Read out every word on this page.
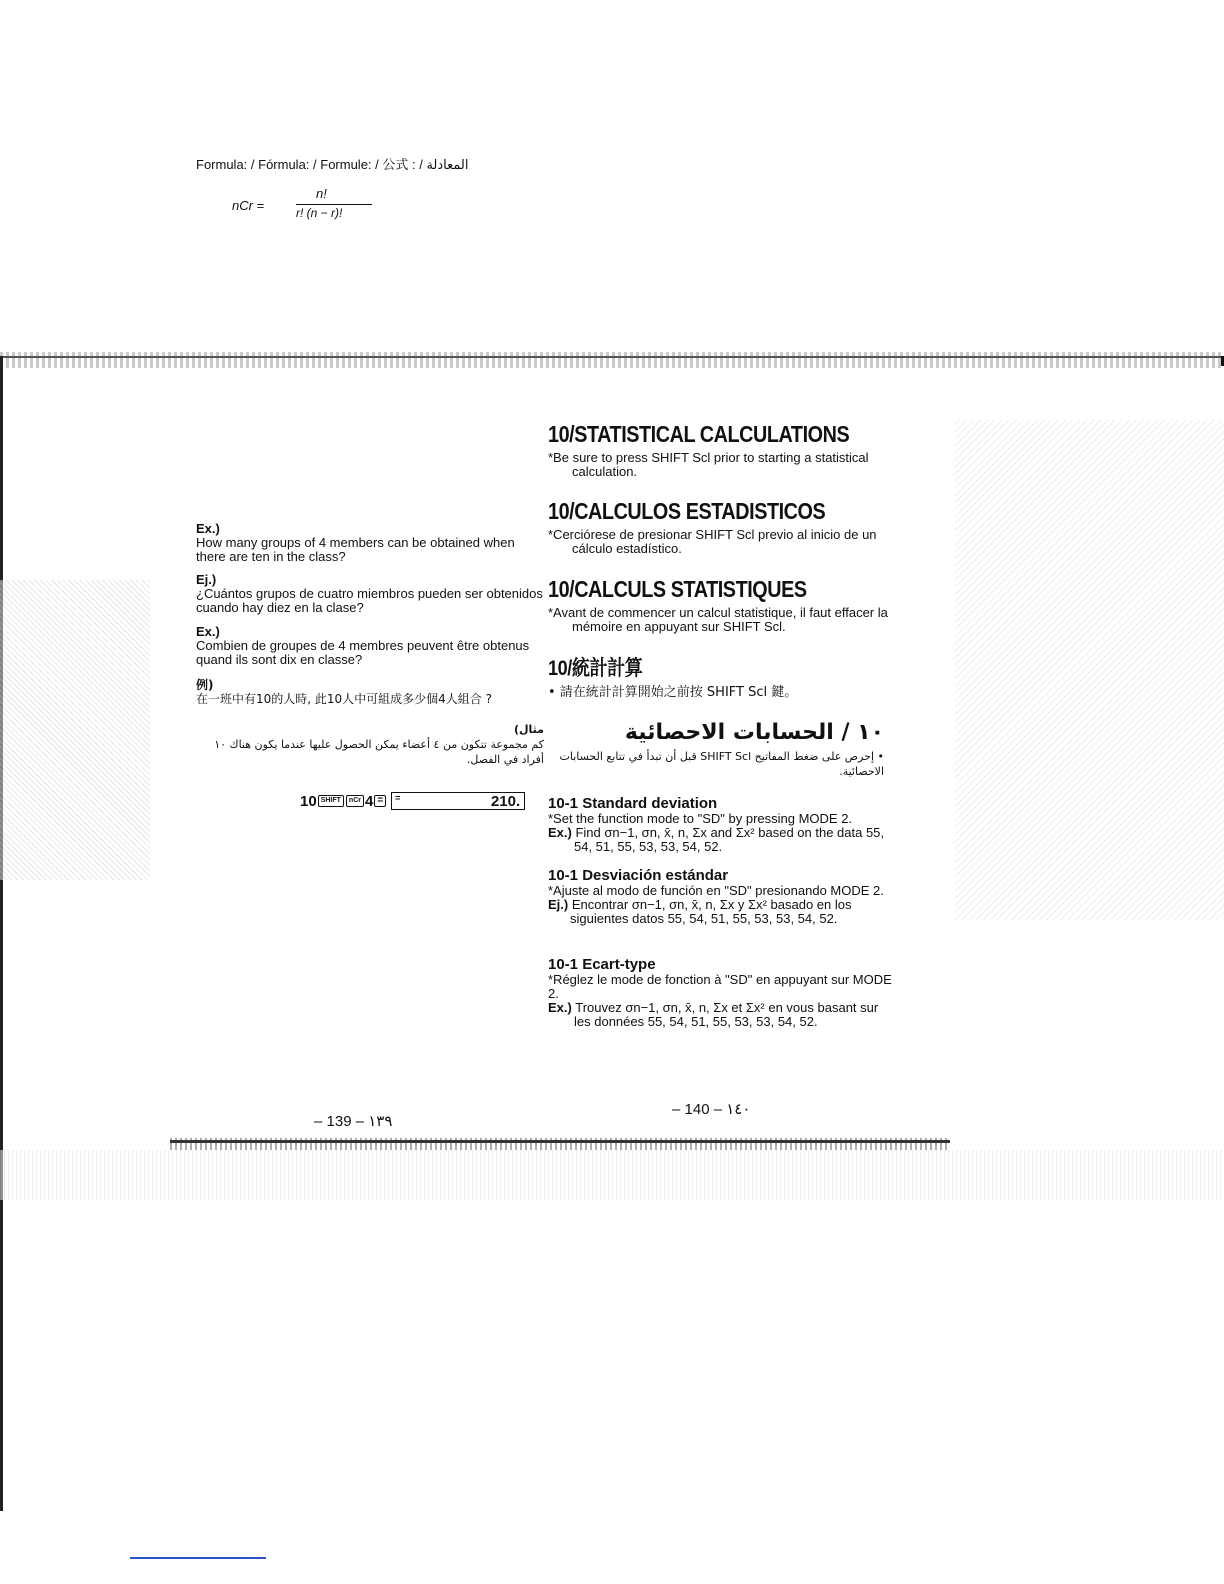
Formula: / Fórmula: / Formule: / 公式 : / المعادلة
nCr =
n!
r! (n − r)!
Ex.)
How many groups of 4 members can be obtained when there are ten in the class?
Ej.)
¿Cuántos grupos de cuatro miembros pueden ser obtenidos cuando hay diez en la clase?
Ex.)
Combien de groupes de 4 membres peuvent être obtenus quand ils sont dix en classe?
例)
在一班中有10的人時, 此10人中可組成多少個4人組合 ?
مثال)
كم مجموعة تتكون من ٤ أعضاء يمكن الحصول عليها عندما يكون هناك ١٠ أفراد في الفصل.
10 SHIFT	nCr 4 =	=	210.
– 139 – ١٣٩
10/STATISTICAL CALCULATIONS
*Be sure to press SHIFT Scl prior to starting a statistical calculation.
10/CALCULOS ESTADISTICOS
*Cerciórese de presionar SHIFT Scl previo al inicio de un cálculo estadístico.
10/CALCULS STATISTIQUES
*Avant de commencer un calcul statistique, il faut effacer la mémoire en appuyant sur SHIFT Scl.
10/統計計算
• 請在統計計算開始之前按 SHIFT Scl 鍵。
١٠ / الحسابات الاحصائية
• إحرص على ضغط المفاتيح SHIFT Scl قبل أن تبدأ في تتابع الحسابات الاحصائية.
10-1 Standard deviation
*Set the function mode to "SD" by pressing MODE 2.
Ex.) Find σn−1, σn, x̄, n, Σx and Σx² based on the data 55, 54, 51, 55, 53, 53, 54, 52.
10-1 Desviación estándar
*Ajuste al modo de función en "SD" presionando MODE 2.
Ej.) Encontrar σn−1, σn, x̄, n, Σx y Σx² basado en los siguientes datos 55, 54, 51, 55, 53, 53, 54, 52.
10-1 Ecart-type
*Réglez le mode de fonction à "SD" en appuyant sur MODE 2.
Ex.) Trouvez σn−1, σn, x̄, n, Σx et Σx² en vous basant sur les données 55, 54, 51, 55, 53, 53, 54, 52.
– 140 – ١٤٠
